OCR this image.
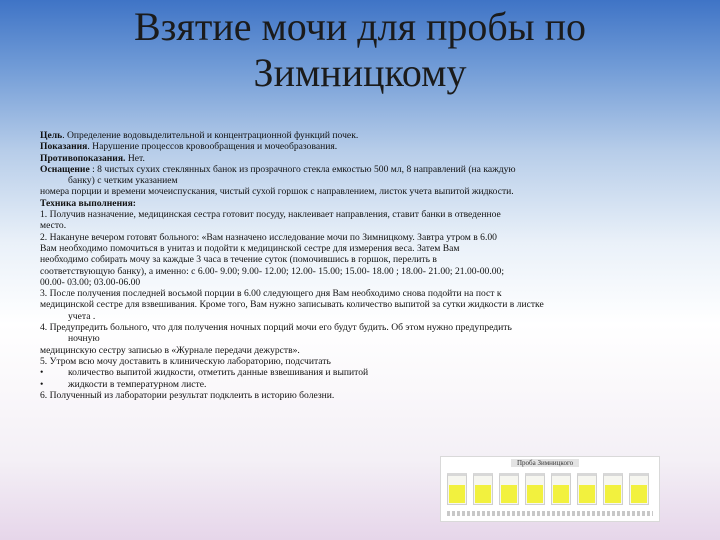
Взятие мочи для пробы по
Зимницкому

Цель. Определение водовыделительной и концентрационной функций почек.

Показания. Нарушение процессов кровообращения и мочеобразования.

Противопоказания. Нет.

Оснащение : 8 чистых сухих стеклянных банок из прозрачного стекла емкостью 500 мл, 8 направлений (на каждую

банку) с четким указанием

номера порции и времени мочеиспускания, чистый сухой горшок с направлением, листок учета выпитой жидкости.

Техника выполнения:

1. Получив назначение, медицинская сестра готовит посуду, наклеивает направления, ставит банки в отведенное

место.

2. Накануне вечером готовят больного: «Вам назначено исследование мочи по Зимницкому. Завтра утром в 6.00

Вам необходимо помочиться в унитаз и подойти к медицинской сестре для измерения веса. Затем Вам

необходимо собирать мочу за каждые 3 часа в течение суток (помочившись в горшок, перелить в

соответствующую банку), а именно: с 6.00- 9.00; 9.00- 12.00; 12.00- 15.00; 15.00- 18.00 ; 18.00- 21.00; 21.00-00.00;

00.00- 03.00; 03.00-06.00

3. После получения последней восьмой порции в 6.00 следующего дня Вам необходимо снова подойти на пост к

медицинской сестре для взвешивания. Кроме того, Вам нужно записывать количество выпитой за сутки жидкости в листке

учета .

4. Предупредить больного, что для получения ночных порций мочи его будут будить. Об этом нужно предупредить

ночную

медицинскую сестру записью в «Журнале передачи дежурств».

5. Утром всю мочу доставить в клиническую лабораторию, подсчитать

•	количество выпитой жидкости, отметить данные взвешивания и выпитой
•	жидкости в температурном листе.

6. Полученный из лаборатории результат подклеить в историю болезни.

Проба Зимницкого
